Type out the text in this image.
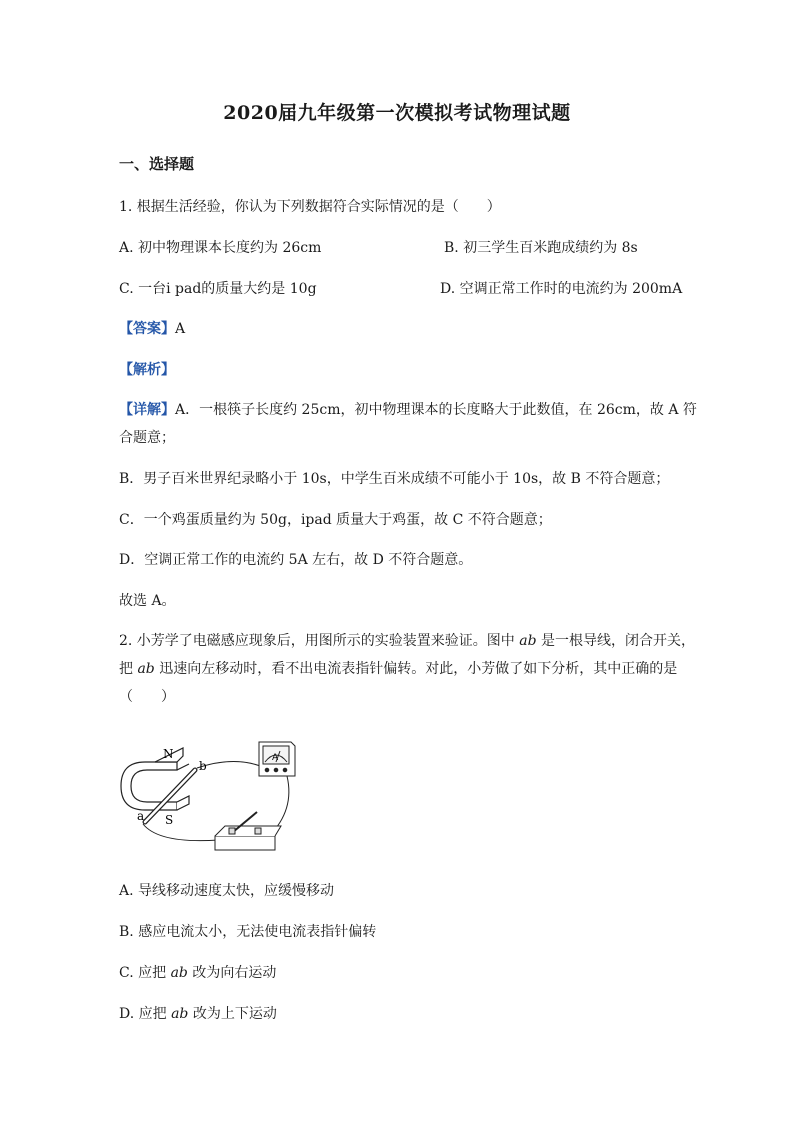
2020届九年级第一次模拟考试物理试题
一、选择题
1. 根据生活经验，你认为下列数据符合实际情况的是（　　）
A. 初中物理课本长度约为 26cm	B. 初三学生百米跑成绩约为 8s
C. 一台i pad的质量大约是 10g	D. 空调正常工作时的电流约为 200mA
【答案】A
【解析】
【详解】A．一根筷子长度约 25cm，初中物理课本的长度略大于此数值，在 26cm，故 A 符
合题意；
B．男子百米世界纪录略小于 10s，中学生百米成绩不可能小于 10s，故 B 不符合题意；
C．一个鸡蛋质量约为 50g，ipad 质量大于鸡蛋，故 C 不符合题意；
D．空调正常工作的电流约 5A 左右，故 D 不符合题意。
故选 A。
2. 小芳学了电磁感应现象后，用图所示的实验装置来验证。图中 ab 是一根导线，闭合开关，
把 ab 迅速向左移动时，看不出电流表指针偏转。对此，小芳做了如下分析，其中正确的是
（　　）
N
S
a
b
A
A. 导线移动速度太快，应缓慢移动
B. 感应电流太小，无法使电流表指针偏转
C. 应把 ab 改为向右运动
D. 应把 ab 改为上下运动
